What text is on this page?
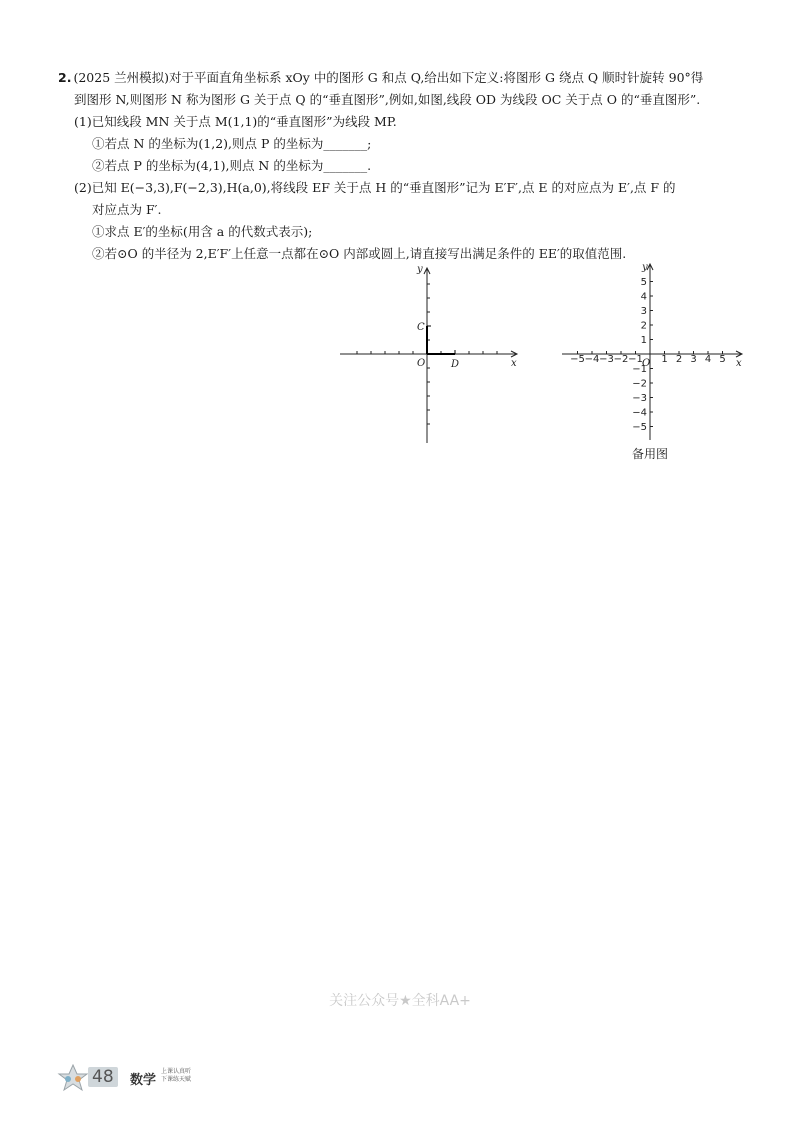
2. (2025 兰州模拟)对于平面直角坐标系 xOy 中的图形 G 和点 Q,给出如下定义:将图形 G 绕点 Q 顺时针旋转 90°得
到图形 N,则图形 N 称为图形 G 关于点 Q 的“垂直图形”,例如,如图,线段 OD 为线段 OC 关于点 O 的“垂直图形”.
(1)已知线段 MN 关于点 M(1,1)的“垂直图形”为线段 MP.
①若点 N 的坐标为(1,2),则点 P 的坐标为_______;
②若点 P 的坐标为(4,1),则点 N 的坐标为_______.
(2)已知 E(−3,3),F(−2,3),H(a,0),将线段 EF 关于点 H 的“垂直图形”记为 E′F′,点 E 的对应点为 E′,点 F 的
对应点为 F′.
①求点 E′的坐标(用含 a 的代数式表示);
②若⊙O 的半径为 2,E′F′上任意一点都在⊙O 内部或圆上,请直接写出满足条件的 EE′的取值范围.
x
y
O
C
D	−5 −4 −3 −2 −1 1 2 3 4 5
5
4
3
2
1
−1
−2
−3
−4
−5
x
y
O
备用图
关注公众号★全科AA+
48	数学
上课认真听
下课练天赋
